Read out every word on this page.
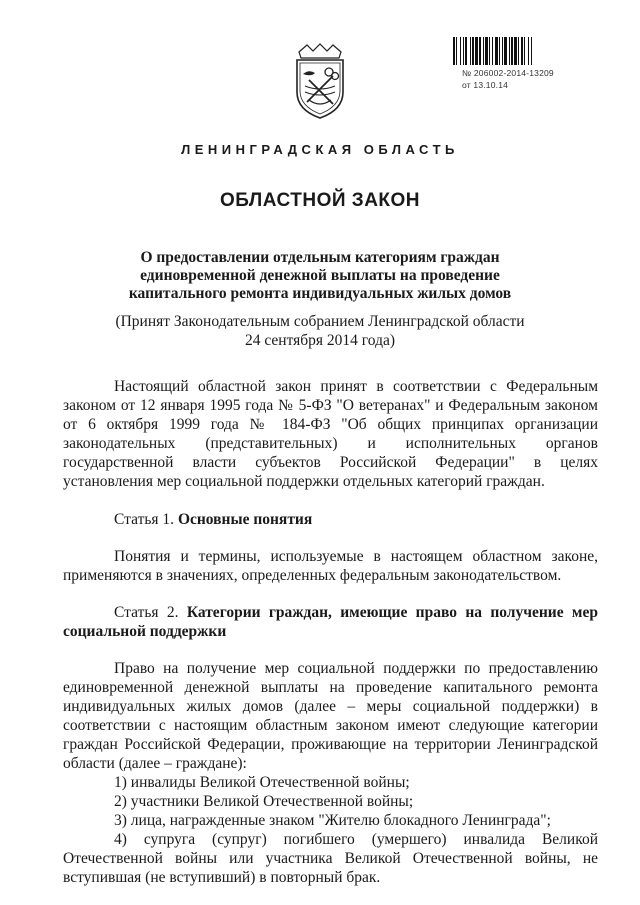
№ 206002-2014-13209
от 13.10.14
ЛЕНИНГРАДСКАЯ ОБЛАСТЬ
ОБЛАСТНОЙ ЗАКОН
О предоставлении отдельным категориям граждан
единовременной денежной выплаты на проведение
капитального ремонта индивидуальных жилых домов
(Принят Законодательным собранием Ленинградской области
24 сентября 2014 года)
Настоящий областной закон принят в соответствии с Федеральным
законом от 12 января 1995 года № 5-ФЗ "О ветеранах" и Федеральным законом
от 6 октября 1999 года № 184-ФЗ "Об общих принципах организации
законодательных (представительных) и исполнительных органов
государственной власти субъектов Российской Федерации" в целях
установления мер социальной поддержки отдельных категорий граждан.
Статья 1. Основные понятия
Понятия и термины, используемые в настоящем областном законе,
применяются в значениях, определенных федеральным законодательством.
Статья 2. Категории граждан, имеющие право на получение мер
социальной поддержки
Право на получение мер социальной поддержки по предоставлению
единовременной денежной выплаты на проведение капитального ремонта
индивидуальных жилых домов (далее – меры социальной поддержки) в
соответствии с настоящим областным законом имеют следующие категории
граждан Российской Федерации, проживающие на территории Ленинградской
области (далее – граждане):
1) инвалиды Великой Отечественной войны;
2) участники Великой Отечественной войны;
3) лица, награжденные знаком "Жителю блокадного Ленинграда";
4) супруга (супруг) погибшего (умершего) инвалида Великой
Отечественной войны или участника Великой Отечественной войны, не
вступившая (не вступивший) в повторный брак.
